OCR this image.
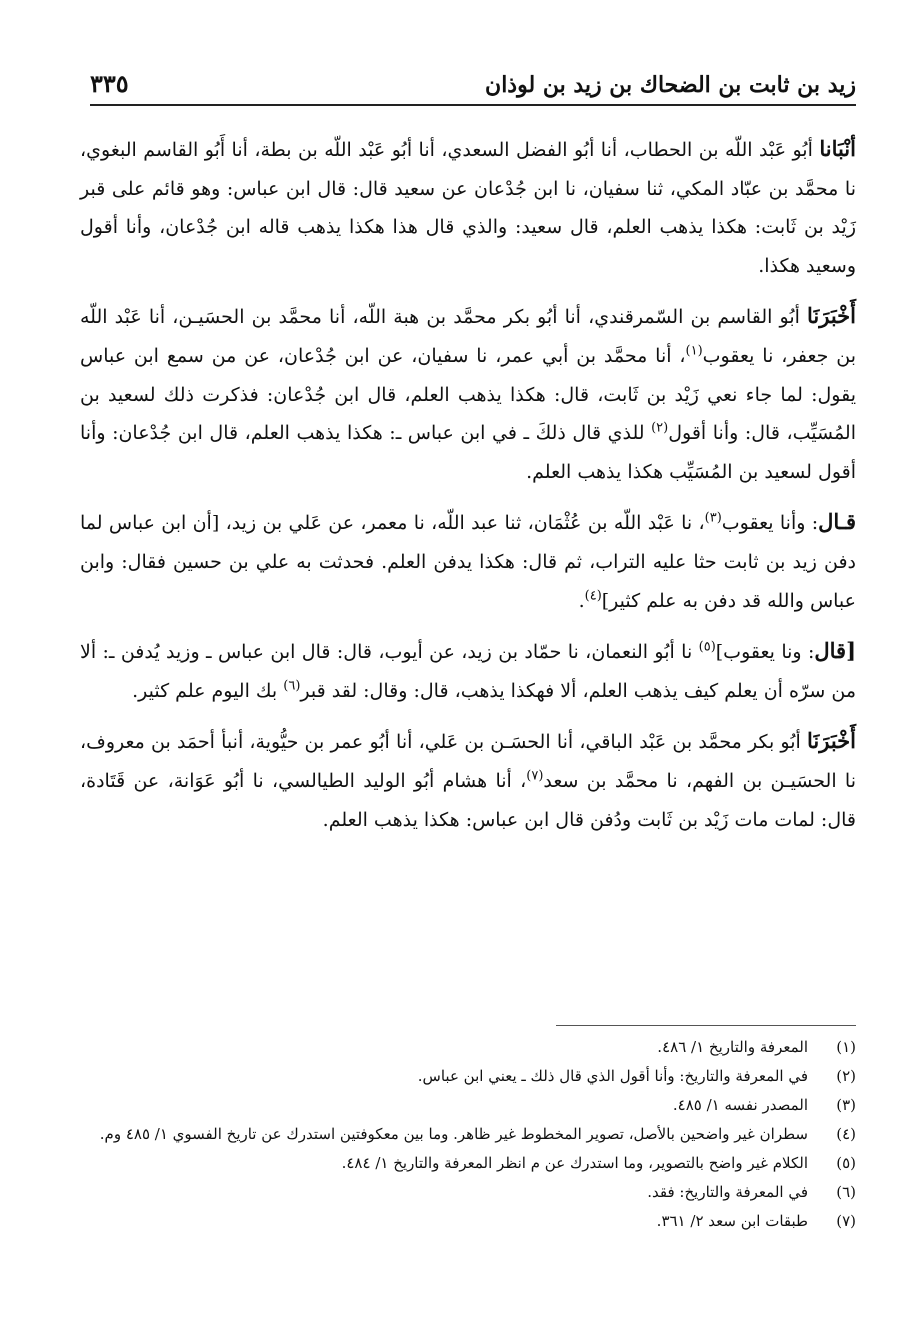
زيد بن ثابت بن الضحاك بن زيد بن لوذان
٣٣٥

أنْبَانا أبُو عَبْد اللّه بن الحطاب، أنا أبُو الفضل السعدي، أنا أبُو عَبْد اللّه بن بطة، أنا أَبُو القاسم البغوي، نا محمَّد بن عبّاد المكي، ثنا سفيان، نا ابن جُدْعان عن سعيد قال: قال ابن عباس: وهو قائم على قبر زَيْد بن ثَابت: هكذا يذهب العلم، قال سعيد: والذي قال هذا هكذا يذهب قاله ابن جُدْعان، وأنا أقول وسعيد هكذا.

أَخْبَرَنَا أبُو القاسم بن السّمرقندي، أنا أبُو بكر محمَّد بن هبة اللّه، أنا محمَّد بن الحسَيـن، أنا عَبْد اللّه بن جعفر، نا يعقوب$^{(١)}$، أنا محمَّد بن أبي عمر، نا سفيان، عن ابن جُدْعان، عن من سمع ابن عباس يقول: لما جاء نعي زَيْد بن ثَابت، قال: هكذا يذهب العلم، قال ابن جُدْعان: فذكرت ذلك لسعيد بن المُسَيِّب، قال: وأنا أقول$^{(٢)}$ للذي قال ذلكَ ـ في ابن عباس ـ: هكذا يذهب العلم، قال ابن جُدْعان: وأنا أقول لسعيد بن المُسَيِّب هكذا يذهب العلم.

قـال: وأنا يعقوب$^{(٣)}$، نا عَبْد اللّه بن عُثْمَان، ثنا عبد اللّه، نا معمر، عن عَلي بن زيد، [أن ابن عباس لما دفن زيد بن ثابت حثا عليه التراب، ثم قال: هكذا يدفن العلم. فحدثت به علي بن حسين فقال: وابن عباس والله قد دفن به علم كثير]$^{(٤)}$.

[قال: ونا يعقوب]$^{(٥)}$ نا أبُو النعمان، نا حمّاد بن زيد، عن أيوب، قال: قال ابن عباس ـ وزيد يُدفن ـ: ألا من سرّه أن يعلم كيف يذهب العلم، ألا فهكذا يذهب، قال: وقال: لقد قبر$^{(٦)}$ بك اليوم علم كثير.

أَخْبَرَنَا أبُو بكر محمَّد بن عَبْد الباقي، أنا الحسَـن بن عَلي، أنا أبُو عمر بن حيُّوية، أنبأ أحمَد بن معروف، نا الحسَيـن بن الفهم، نا محمَّد بن سعد$^{(٧)}$، أنا هشام أبُو الوليد الطيالسي، نا أبُو عَوَانة، عن قَتَادة، قال: لمات مات زَيْد بن ثَابت ودُفن قال ابن عباس: هكذا يذهب العلم.

(١)
المعرفة والتاريخ ١/ ٤٨٦.
(٢)
في المعرفة والتاريخ: وأنا أقول الذي قال ذلك ـ يعني ابن عباس.
(٣)
المصدر نفسه ١/ ٤٨٥.
(٤)
سطران غير واضحين بالأصل، تصوير المخطوط غير ظاهر. وما بين معكوفتين استدرك عن تاريخ الفسوي ١/ ٤٨٥ وم.
(٥)
الكلام غير واضح بالتصوير، وما استدرك عن م انظر المعرفة والتاريخ ١/ ٤٨٤.
(٦)
في المعرفة والتاريخ: فقد.
(٧)
طبقات ابن سعد ٢/ ٣٦١.
